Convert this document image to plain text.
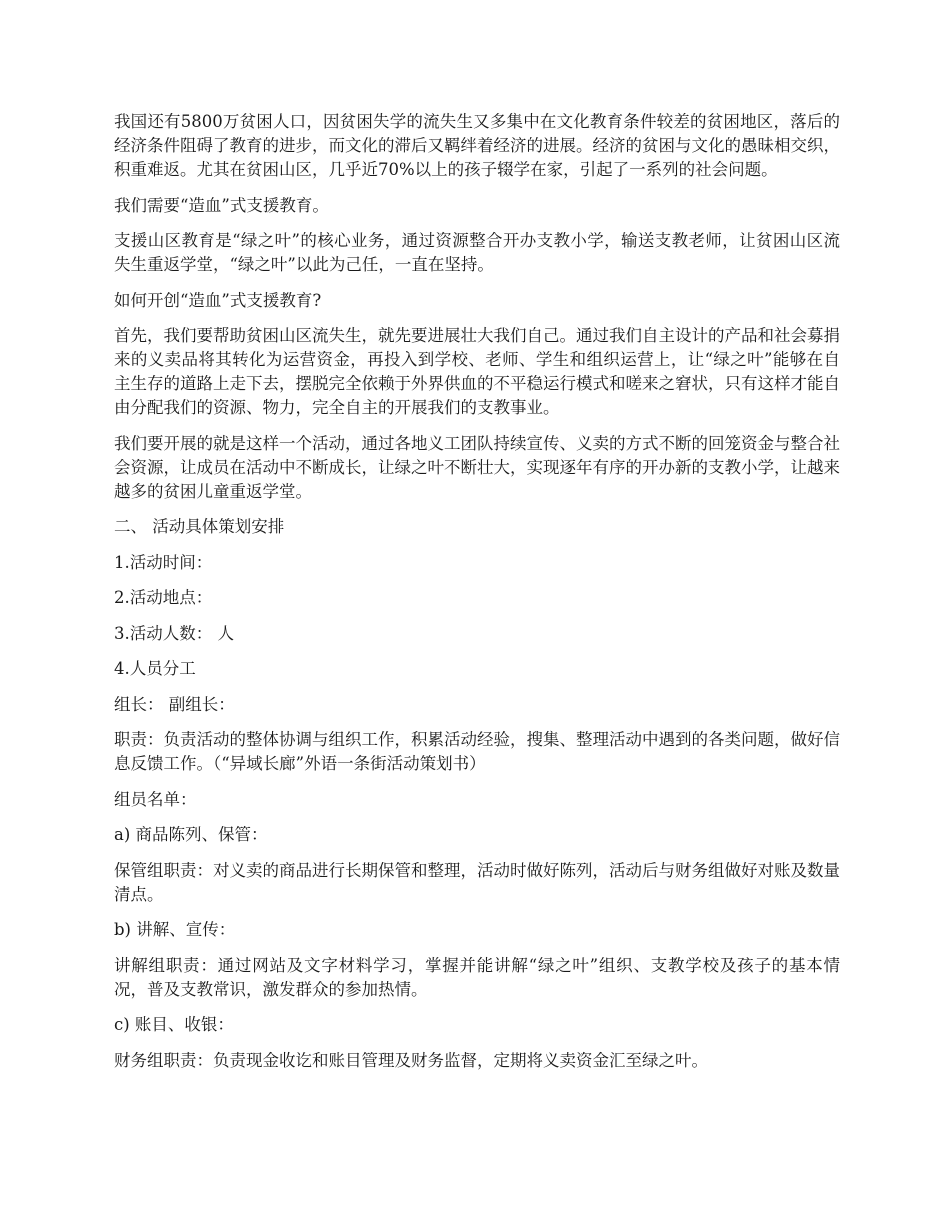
我国还有5800万贫困人口，因贫困失学的流失生又多集中在文化教育条件较差的贫困地区，落后的经济条件阻碍了教育的进步，而文化的滞后又羁绊着经济的进展。经济的贫困与文化的愚昧相交织，积重难返。尤其在贫困山区，几乎近70%以上的孩子辍学在家，引起了一系列的社会问题。

我们需要“造血”式支援教育。

支援山区教育是“绿之叶”的核心业务，通过资源整合开办支教小学，输送支教老师，让贫困山区流失生重返学堂，“绿之叶”以此为己任，一直在坚持。

如何开创“造血”式支援教育?

首先，我们要帮助贫困山区流失生，就先要进展壮大我们自己。通过我们自主设计的产品和社会募捐来的义卖品将其转化为运营资金，再投入到学校、老师、学生和组织运营上，让“绿之叶”能够在自主生存的道路上走下去，摆脱完全依赖于外界供血的不平稳运行模式和嗟来之窘状，只有这样才能自由分配我们的资源、物力，完全自主的开展我们的支教事业。

我们要开展的就是这样一个活动，通过各地义工团队持续宣传、义卖的方式不断的回笼资金与整合社会资源，让成员在活动中不断成长，让绿之叶不断壮大，实现逐年有序的开办新的支教小学，让越来越多的贫困儿童重返学堂。

二、 活动具体策划安排

1.活动时间：

2.活动地点：

3.活动人数： 人

4.人员分工

组长： 副组长：

职责：负责活动的整体协调与组织工作，积累活动经验，搜集、整理活动中遇到的各类问题，做好信息反馈工作。（“异域长廊”外语一条街活动策划书）

组员名单：

a) 商品陈列、保管：

保管组职责：对义卖的商品进行长期保管和整理，活动时做好陈列，活动后与财务组做好对账及数量清点。

b) 讲解、宣传：

讲解组职责：通过网站及文字材料学习，掌握并能讲解“绿之叶”组织、支教学校及孩子的基本情况，普及支教常识，激发群众的参加热情。

c) 账目、收银：

财务组职责：负责现金收讫和账目管理及财务监督，定期将义卖资金汇至绿之叶。
